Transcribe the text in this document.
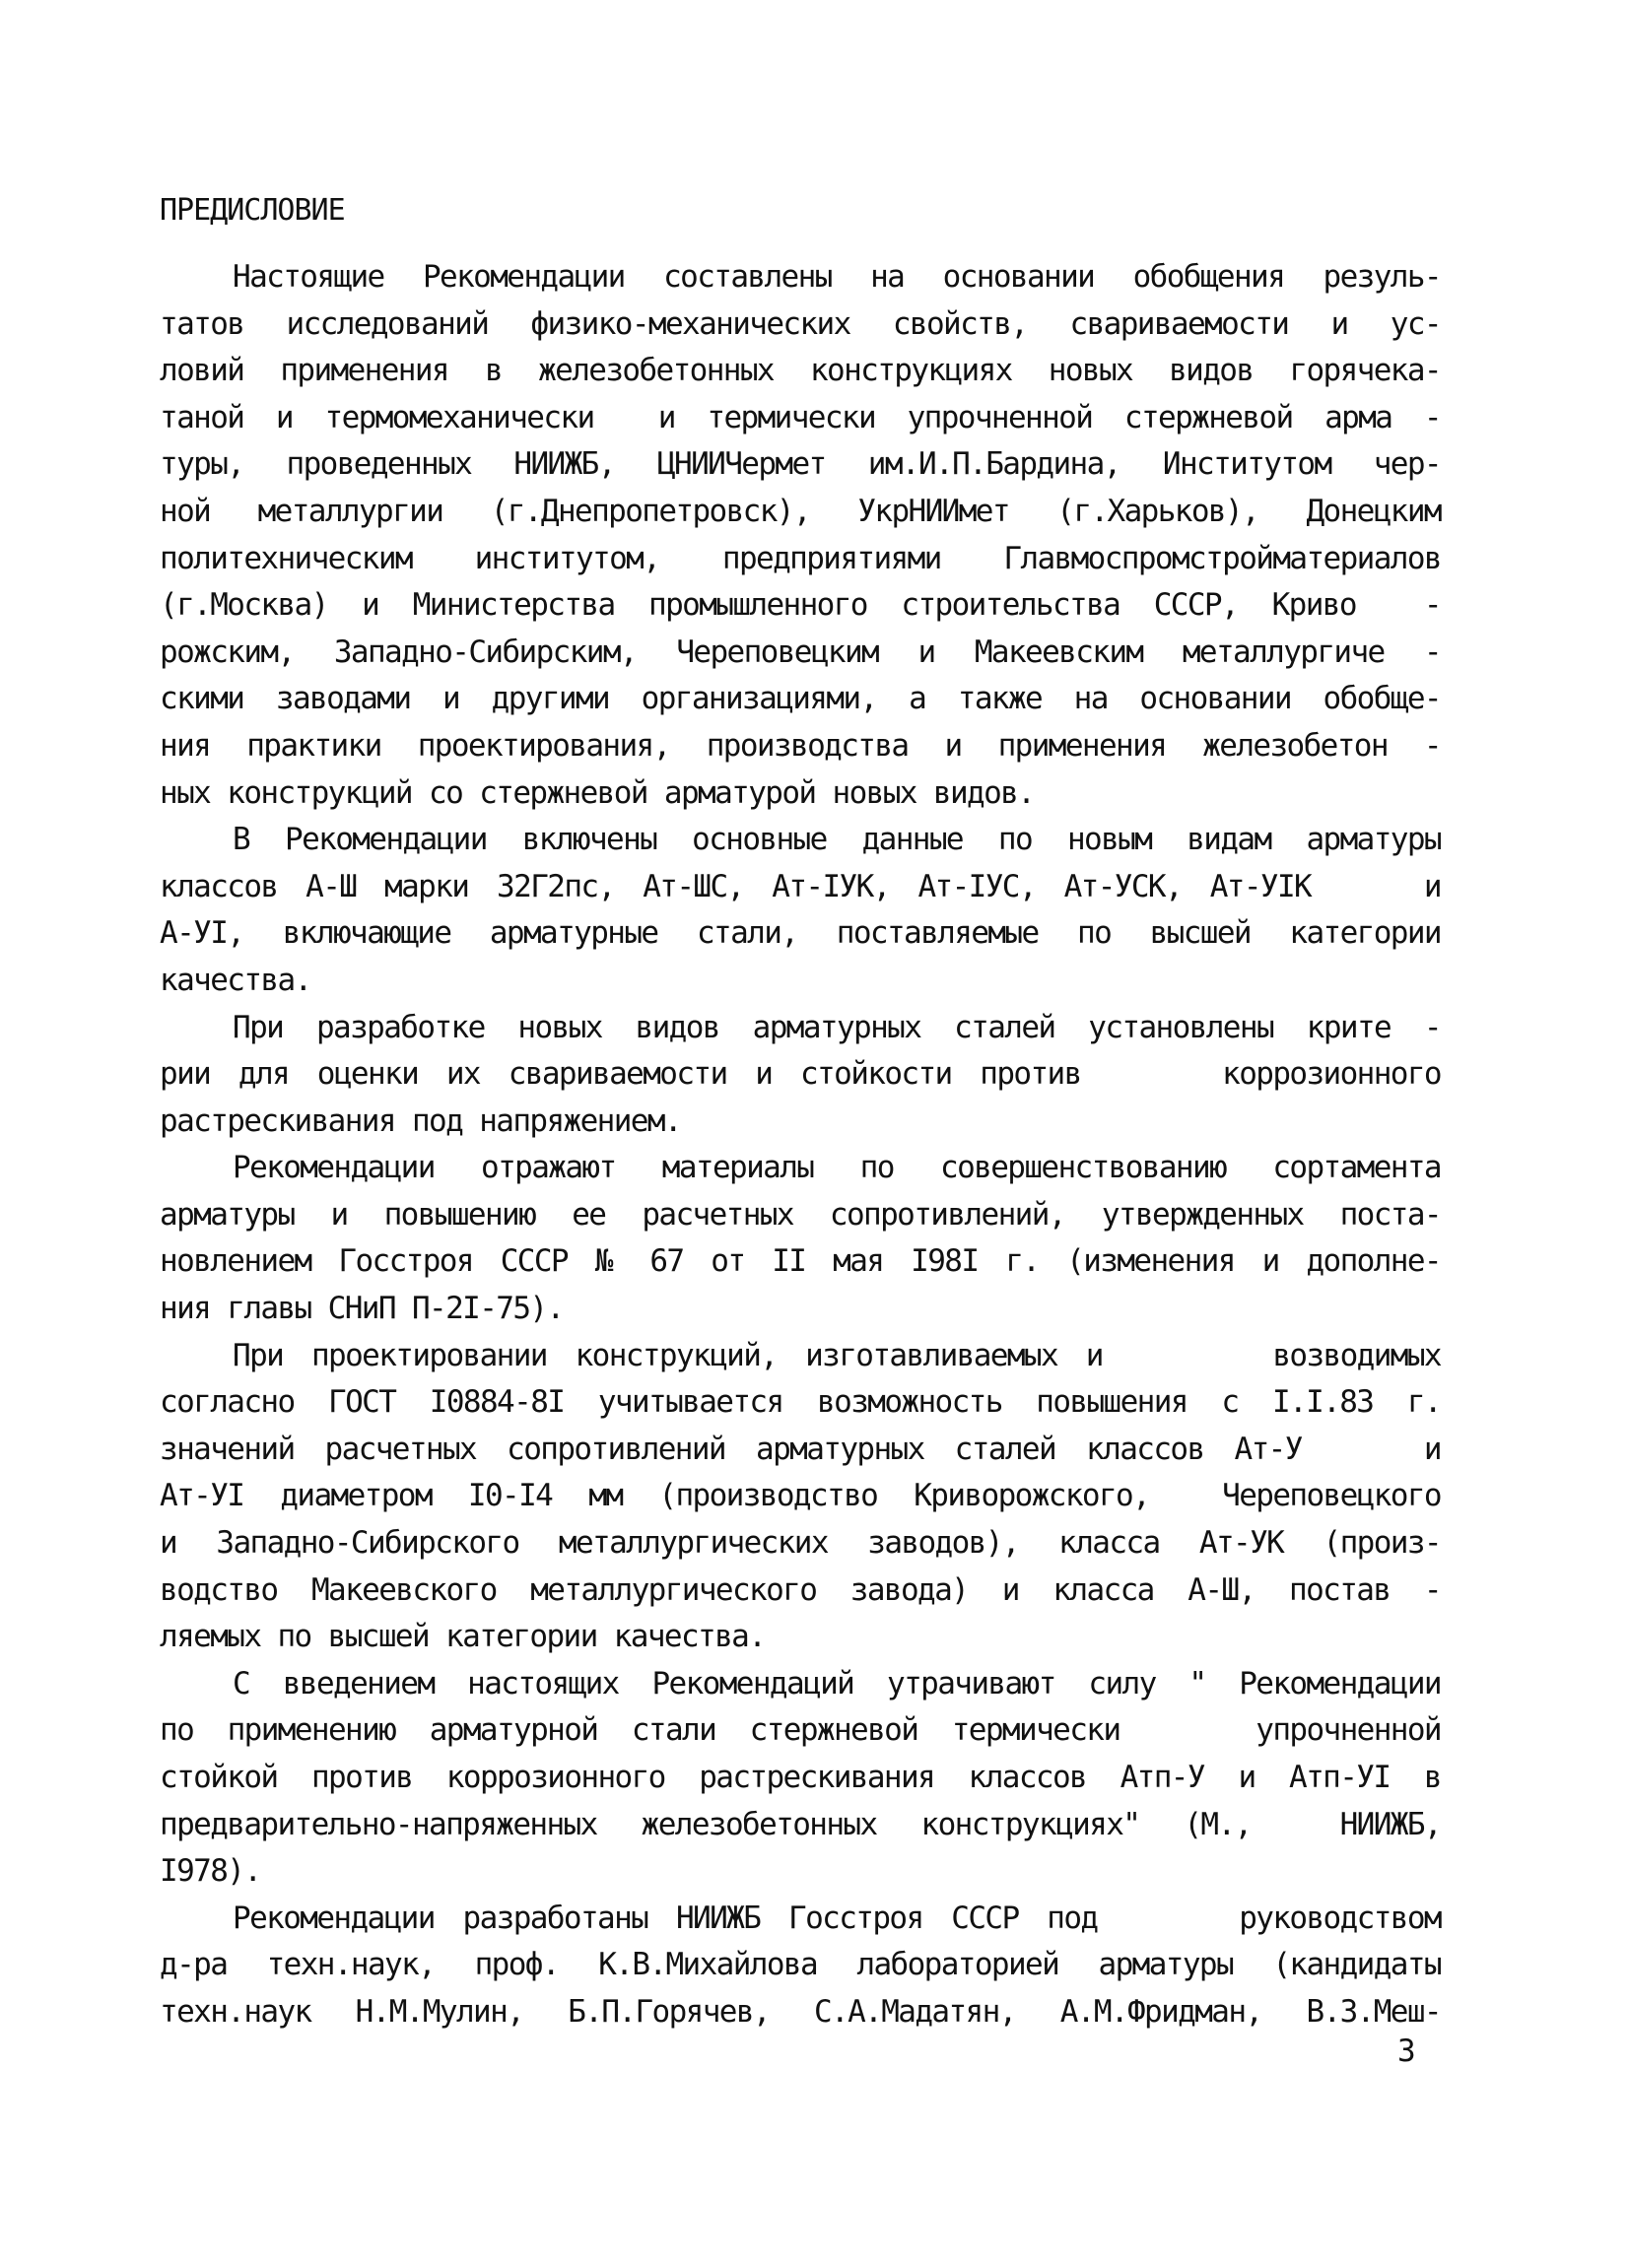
ПРЕДИСЛОВИЕ
Настоящие Рекомендации составлены на основании обобщения резуль-
татов исследований физико-механических свойств, свариваемости и ус-
ловий применения в железобетонных конструкциях новых видов горячека-
таной и термомеханически  и термически упрочненной стержневой арма -
туры, проведенных НИИЖБ, ЦНИИЧермет им.И.П.Бардина, Институтом чер-
ной металлургии (г.Днепропетровск), УкрНИИмет (г.Харьков), Донецким
политехническим институтом, предприятиями Главмоспромстройматериалов
(г.Москва) и Министерства промышленного строительства СССР, Криво  -
рожским, Западно-Сибирским, Череповецким и Макеевским металлургиче -
скими заводами и другими организациями, а также на основании обобще-
ния практики проектирования, производства и применения железобетон -
ных конструкций со стержневой арматурой новых видов.
В Рекомендации включены основные данные по новым видам арматуры
классов А-Ш марки 32Г2пс, Ат-ШС, Ат-IУК, Ат-IУС, Ат-УСК, Ат-УIК    и
А-УI, включающие арматурные стали, поставляемые по высшей категории
качества.
При разработке новых видов арматурных сталей установлены крите -
рии для оценки их свариваемости и стойкости против     коррозионного
растрескивания под напряжением.
Рекомендации отражают материалы по совершенствованию сортамента
арматуры и повышению ее расчетных сопротивлений, утвержденных поста-
новлением Госстроя СССР № 67 от II мая I98I г. (изменения и дополне-
ния главы СНиП П-2I-75).
При проектировании конструкций, изготавливаемых и      возводимых
согласно ГОСТ I0884-8I учитывается возможность повышения с I.I.83 г.
значений расчетных сопротивлений арматурных сталей классов Ат-У    и
Ат-УI диаметром I0-I4 мм (производство Криворожского,  Череповецкого
и Западно-Сибирского металлургических заводов), класса Ат-УК (произ-
водство Макеевского металлургического завода) и класса А-Ш, постав -
ляемых по высшей категории качества.
С введением настоящих Рекомендаций утрачивают силу " Рекомендации
по применению арматурной стали стержневой термически    упрочненной
стойкой против коррозионного растрескивания классов Атп-У и Атп-УI в
предварительно-напряженных железобетонных конструкциях" (М.,  НИИЖБ,
I978).
Рекомендации разработаны НИИЖБ Госстроя СССР под     руководством
д-ра техн.наук, проф. К.В.Михайлова лабораторией арматуры (кандидаты
техн.наук Н.М.Мулин, Б.П.Горячев, С.А.Мадатян, А.М.Фридман, В.З.Меш-
3
